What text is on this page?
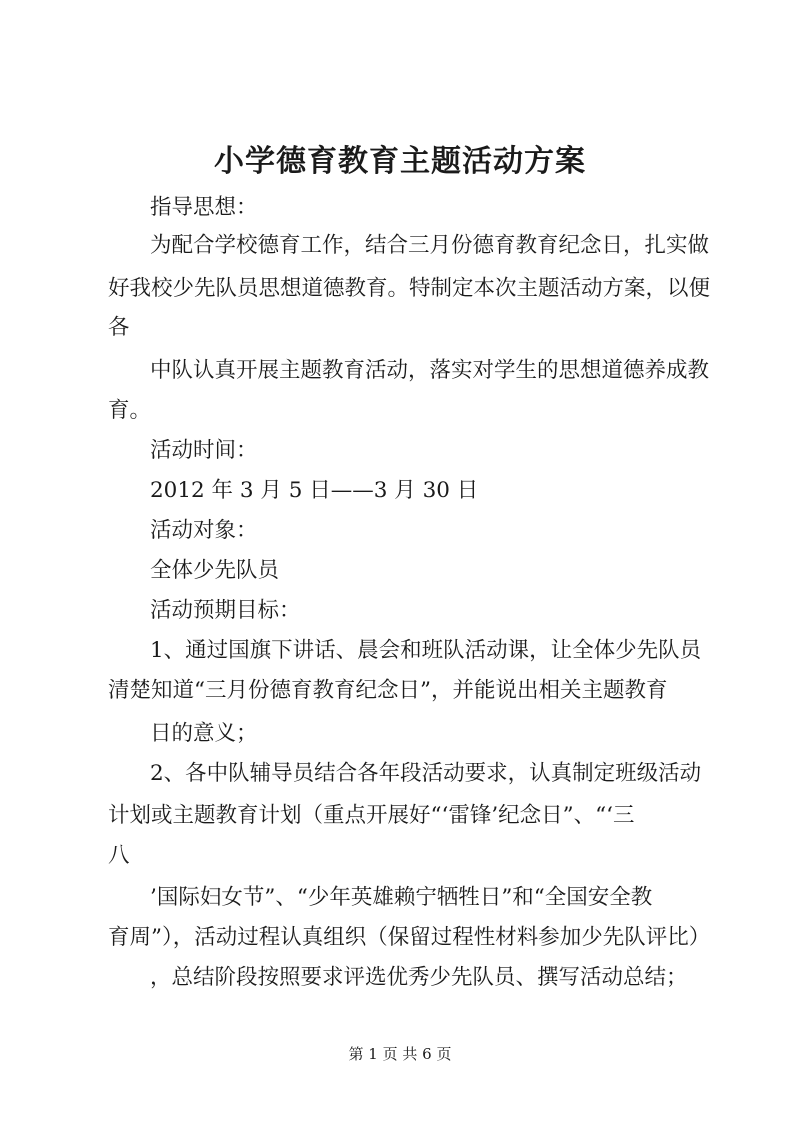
小学德育教育主题活动方案
指导思想：
为配合学校德育工作，结合三月份德育教育纪念日，扎实做
好我校少先队员思想道德教育。特制定本次主题活动方案，以便
各
中队认真开展主题教育活动，落实对学生的思想道德养成教
育。
活动时间：
2012 年 3 月 5 日——3 月 30 日
活动对象：
全体少先队员
活动预期目标：
1、通过国旗下讲话、晨会和班队活动课，让全体少先队员
清楚知道“三月份德育教育纪念日”，并能说出相关主题教育
日的意义；
2、各中队辅导员结合各年段活动要求，认真制定班级活动
计划或主题教育计划（重点开展好“‘雷锋’纪念日”、“‘三
八
’国际妇女节”、“少年英雄赖宁牺牲日”和“全国安全教
育周”），活动过程认真组织（保留过程性材料参加少先队评比）
，总结阶段按照要求评选优秀少先队员、撰写活动总结；
第 1 页 共 6 页
